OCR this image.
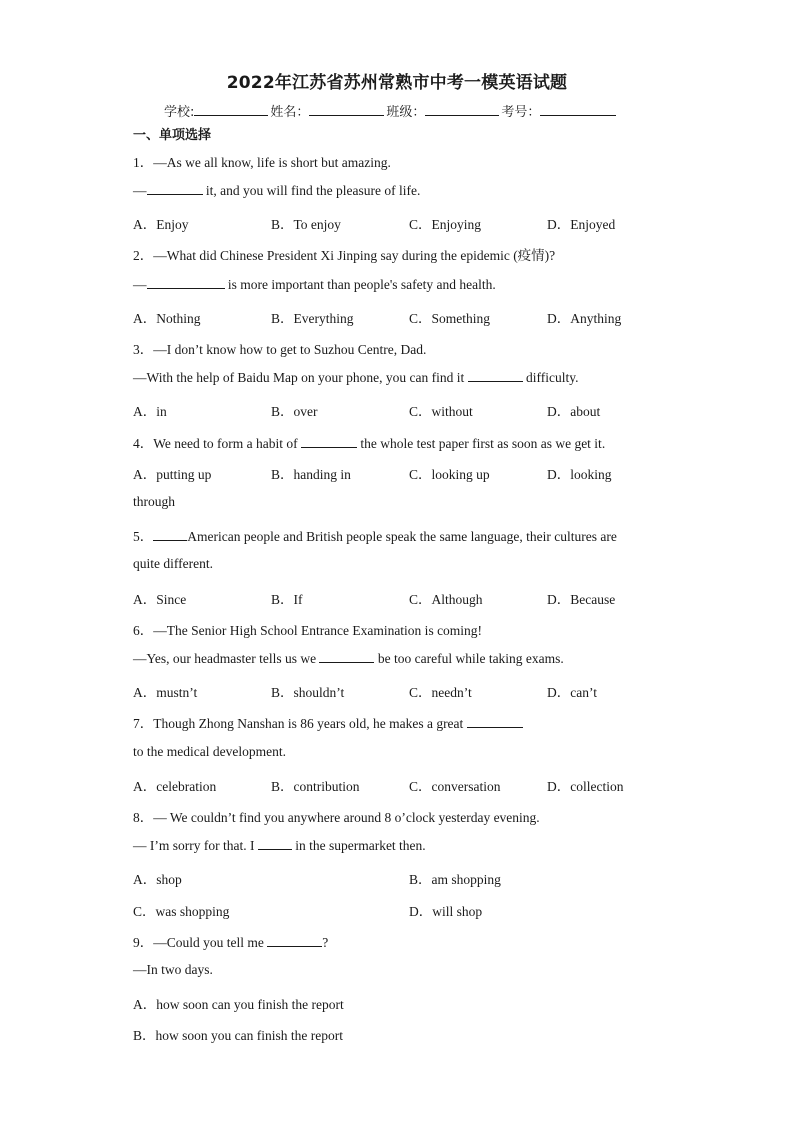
2022年江苏省苏州常熟市中考一模英语试题
学校:	姓名：	班级：	考号：
一、单项选择
1．—As we all know, life is short but amazing.
—	it, and you will find the pleasure of life.
A．Enjoy	B．To enjoy	C．Enjoying	D．Enjoyed
2．—What did Chinese President Xi Jinping say during the epidemic (疫情)?
—	is more important than people's safety and health.
A．Nothing	B．Everything	C．Something	D．Anything
3．—I don’t know how to get to Suzhou Centre, Dad.
—With the help of Baidu Map on your phone, you can find it	difficulty.
A．in	B．over	C．without	D．about
4．We need to form a habit of	the whole test paper first as soon as we get it.
A．putting up	B．handing in	C．looking up	D．looking
through
5．	American people and British people speak the same language, their cultures are
quite different.
A．Since	B．If	C．Although	D．Because
6．—The Senior High School Entrance Examination is coming!
—Yes, our headmaster tells us we	be too careful while taking exams.
A．mustn’t	B．shouldn’t	C．needn’t	D．can’t
7．Though Zhong Nanshan is 86 years old, he makes a great
to the medical development.
A．celebration	B．contribution	C．conversation	D．collection
8．— We couldn’t find you anywhere around 8 o’clock yesterday evening.
— I’m sorry for that. I	in the supermarket then.
A．shop	B．am shopping
C．was shopping	D．will shop
9．—Could you tell me	?
—In two days.
A．how soon can you finish the report
B．how soon you can finish the report
